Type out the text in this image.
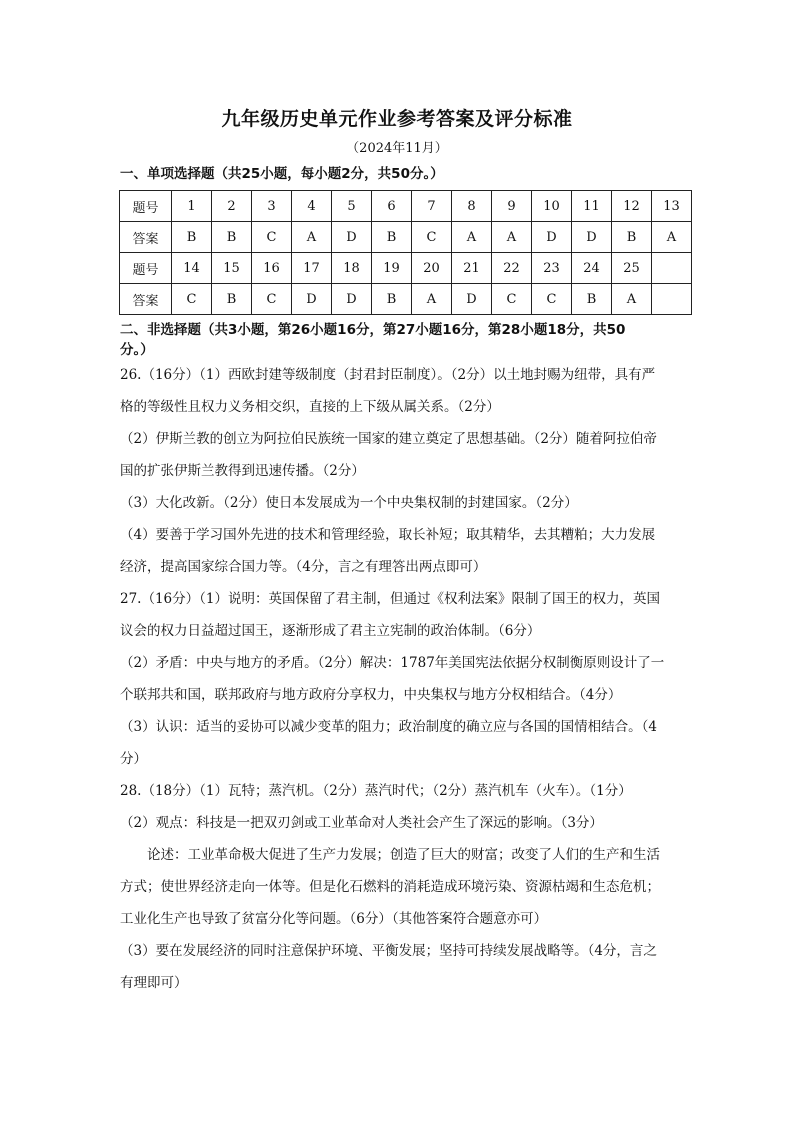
九年级历史单元作业参考答案及评分标准
（2024年11月）
一、单项选择题（共25小题，每小题2分，共50分。）
题号	1	2	3	4	5	6	7	8	9	10	11	12	13
答案	B	B	C	A	D	B	C	A	A	D	D	B	A
题号	14	15	16	17	18	19	20	21	22	23	24	25	
答案	C	B	C	D	D	B	A	D	C	C	B	A	
二、非选择题（共3小题，第26小题16分，第27小题16分，第28小题18分，共50
分。）

26.（16分）（1）西欧封建等级制度（封君封臣制度）。（2分）以土地封赐为纽带，具有严

格的等级性且权力义务相交织，直接的上下级从属关系。（2分）

（2）伊斯兰教的创立为阿拉伯民族统一国家的建立奠定了思想基础。（2分）随着阿拉伯帝

国的扩张伊斯兰教得到迅速传播。（2分）

（3）大化改新。（2分）使日本发展成为一个中央集权制的封建国家。（2分）

（4）要善于学习国外先进的技术和管理经验，取长补短；取其精华，去其糟粕；大力发展

经济，提高国家综合国力等。（4分，言之有理答出两点即可）

27.（16分）（1）说明：英国保留了君主制，但通过《权利法案》限制了国王的权力，英国

议会的权力日益超过国王，逐渐形成了君主立宪制的政治体制。（6分）

（2）矛盾：中央与地方的矛盾。（2分）解决：1787年美国宪法依据分权制衡原则设计了一

个联邦共和国，联邦政府与地方政府分享权力，中央集权与地方分权相结合。（4分）

（3）认识：适当的妥协可以减少变革的阻力；政治制度的确立应与各国的国情相结合。（4

分）

28.（18分）（1）瓦特；蒸汽机。（2分）蒸汽时代；（2分）蒸汽机车（火车）。（1分）

（2）观点：科技是一把双刃剑或工业革命对人类社会产生了深远的影响。（3分）

论述：工业革命极大促进了生产力发展；创造了巨大的财富；改变了人们的生产和生活

方式；使世界经济走向一体等。但是化石燃料的消耗造成环境污染、资源枯竭和生态危机；

工业化生产也导致了贫富分化等问题。（6分）（其他答案符合题意亦可）

（3）要在发展经济的同时注意保护环境、平衡发展；坚持可持续发展战略等。（4分，言之

有理即可）
